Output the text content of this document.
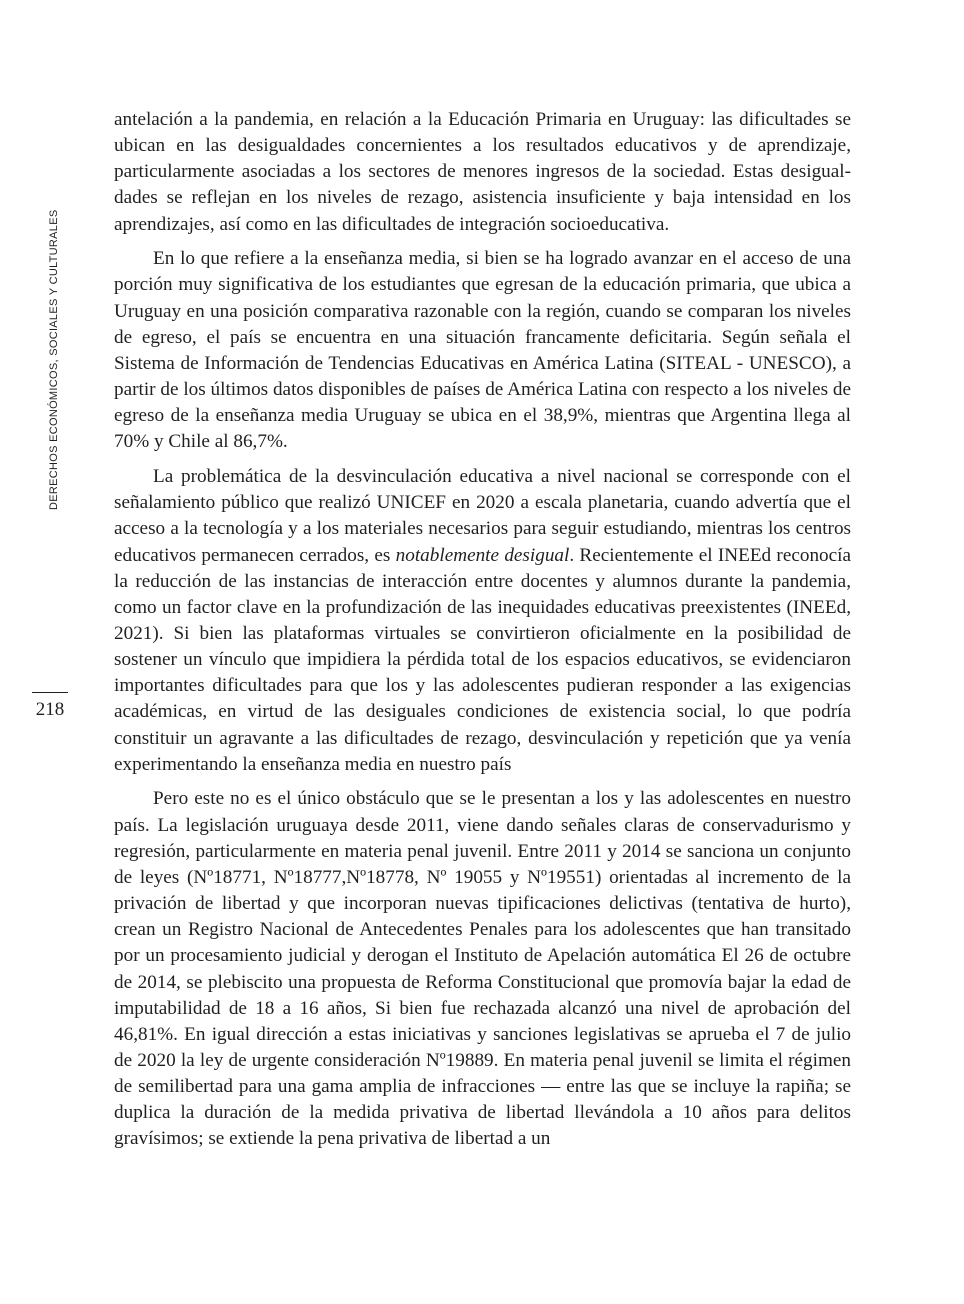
DERECHOS ECONÓMICOS, SOCIALES Y CULTURALES
218

antelación a la pandemia, en relación a la Educación Primaria en Uruguay: las dificultades se ubican en las desigualdades concernientes a los resultados educativos y de aprendizaje, particularmente asociadas a los sectores de menores ingresos de la sociedad. Estas desigualdades se reflejan en los niveles de rezago, asistencia insuficiente y baja intensidad en los aprendizajes, así como en las dificultades de integración socioeducativa.

En lo que refiere a la enseñanza media, si bien se ha logrado avanzar en el acceso de una porción muy significativa de los estudiantes que egresan de la educación primaria, que ubica a Uruguay en una posición comparativa razonable con la región, cuando se comparan los niveles de egreso, el país se encuentra en una situación francamente deficitaria. Según señala el Sistema de Información de Tendencias Educativas en América Latina (SITEAL - UNESCO), a partir de los últimos datos disponibles de países de América Latina con respecto a los niveles de egreso de la enseñanza media Uruguay se ubica en el 38,9%, mientras que Argentina llega al 70% y Chile al 86,7%.

La problemática de la desvinculación educativa a nivel nacional se corresponde con el señalamiento público que realizó UNICEF en 2020 a escala planetaria, cuando advertía que el acceso a la tecnología y a los materiales necesarios para seguir estudiando, mientras los centros educativos permanecen cerrados, es notablemente desigual. Recientemente el INEEd reconocía la reducción de las instancias de interacción entre docentes y alumnos durante la pandemia, como un factor clave en la profundización de las inequidades educativas preexistentes (INEEd, 2021). Si bien las plataformas virtuales se convirtieron oficialmente en la posibilidad de sostener un vínculo que impidiera la pérdida total de los espacios educativos, se evidenciaron importantes dificultades para que los y las adolescentes pudieran responder a las exigencias académicas, en virtud de las desiguales condiciones de existencia social, lo que podría constituir un agravante a las dificultades de rezago, desvinculación y repetición que ya venía experimentando la enseñanza media en nuestro país

Pero este no es el único obstáculo que se le presentan a los y las adolescentes en nuestro país. La legislación uruguaya desde 2011, viene dando señales claras de conservadurismo y regresión, particularmente en materia penal juvenil. Entre 2011 y 2014 se sanciona un conjunto de leyes (Nº18771, Nº18777,Nº18778, Nº 19055 y Nº19551) orientadas al incremento de la privación de libertad y que incorporan nuevas tipificaciones delictivas (tentativa de hurto), crean un Registro Nacional de Antecedentes Penales para los adolescentes que han transitado por un procesamiento judicial y derogan el Instituto de Apelación automática El 26 de octubre de 2014, se plebiscito una propuesta de Reforma Constitucional que promovía bajar la edad de imputabilidad de 18 a 16 años, Si bien fue rechazada alcanzó una nivel de aprobación del 46,81%. En igual dirección a estas iniciativas y sanciones legislativas se aprueba el 7 de julio de 2020 la ley de urgente consideración Nº19889. En materia penal juvenil se limita el régimen de semilibertad para una gama amplia de infracciones — entre las que se incluye la rapiña; se duplica la duración de la medida privativa de libertad llevándola a 10 años para delitos gravísimos; se extiende la pena privativa de libertad a un
